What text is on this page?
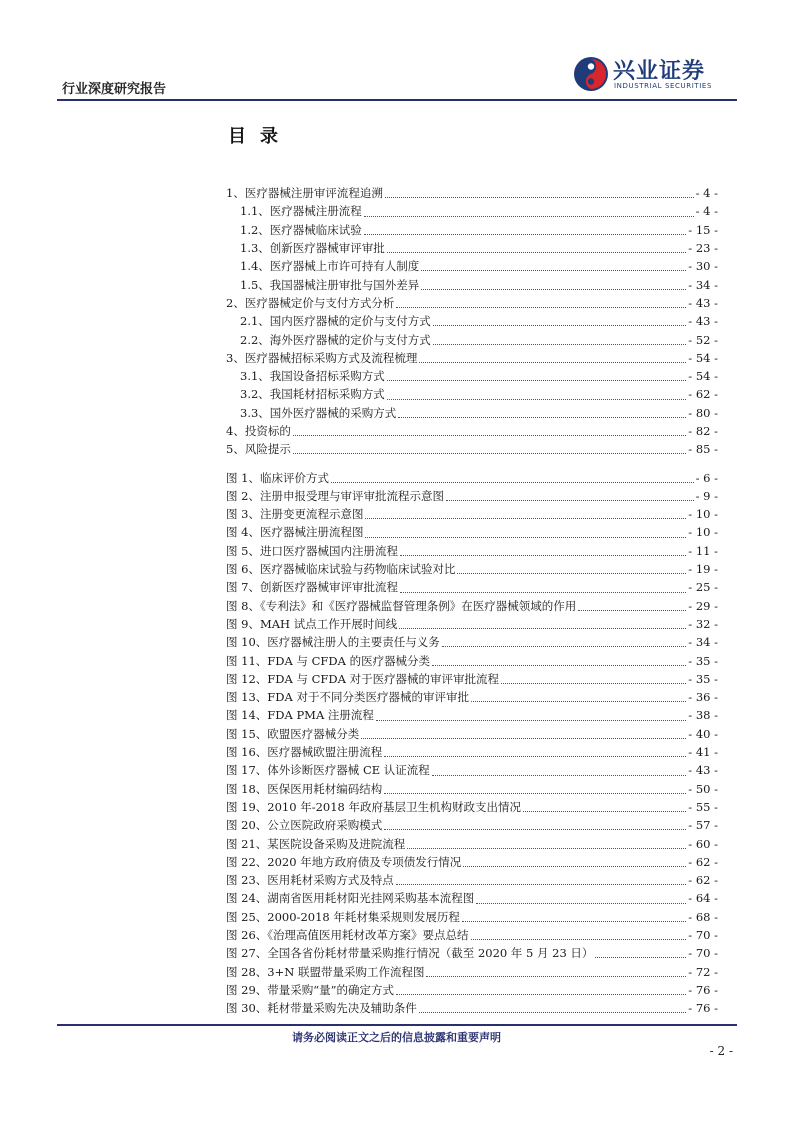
行业深度研究报告
兴业证券
INDUSTRIAL SECURITIES
目录
1、医疗器械注册审评流程追溯	- 4 -
1.1、医疗器械注册流程	- 4 -
1.2、医疗器械临床试验	- 15 -
1.3、创新医疗器械审评审批	- 23 -
1.4、医疗器械上市许可持有人制度	- 30 -
1.5、我国器械注册审批与国外差异	- 34 -
2、医疗器械定价与支付方式分析	- 43 -
2.1、国内医疗器械的定价与支付方式	- 43 -
2.2、海外医疗器械的定价与支付方式	- 52 -
3、医疗器械招标采购方式及流程梳理	- 54 -
3.1、我国设备招标采购方式	- 54 -
3.2、我国耗材招标采购方式	- 62 -
3.3、国外医疗器械的采购方式	- 80 -
4、投资标的	- 82 -
5、风险提示	- 85 -
图 1、临床评价方式	- 6 -
图 2、注册申报受理与审评审批流程示意图	- 9 -
图 3、注册变更流程示意图	- 10 -
图 4、医疗器械注册流程图	- 10 -
图 5、进口医疗器械国内注册流程	- 11 -
图 6、医疗器械临床试验与药物临床试验对比	- 19 -
图 7、创新医疗器械审评审批流程	- 25 -
图 8、《专利法》和《医疗器械监督管理条例》在医疗器械领域的作用	- 29 -
图 9、MAH 试点工作开展时间线	- 32 -
图 10、医疗器械注册人的主要责任与义务	- 34 -
图 11、FDA 与 CFDA 的医疗器械分类	- 35 -
图 12、FDA 与 CFDA 对于医疗器械的审评审批流程	- 35 -
图 13、FDA 对于不同分类医疗器械的审评审批	- 36 -
图 14、FDA PMA 注册流程	- 38 -
图 15、欧盟医疗器械分类	- 40 -
图 16、医疗器械欧盟注册流程	- 41 -
图 17、体外诊断医疗器械 CE 认证流程	- 43 -
图 18、医保医用耗材编码结构	- 50 -
图 19、2010 年-2018 年政府基层卫生机构财政支出情况	- 55 -
图 20、公立医院政府采购模式	- 57 -
图 21、某医院设备采购及进院流程	- 60 -
图 22、2020 年地方政府债及专项债发行情况	- 62 -
图 23、医用耗材采购方式及特点	- 62 -
图 24、湖南省医用耗材阳光挂网采购基本流程图	- 64 -
图 25、2000-2018 年耗材集采规则发展历程	- 68 -
图 26、《治理高值医用耗材改革方案》要点总结	- 70 -
图 27、全国各省份耗材带量采购推行情况（截至 2020 年 5 月 23 日）	- 70 -
图 28、3+N 联盟带量采购工作流程图	- 72 -
图 29、带量采购“量”的确定方式	- 76 -
图 30、耗材带量采购先决及辅助条件	- 76 -
请务必阅读正文之后的信息披露和重要声明
- 2 -
